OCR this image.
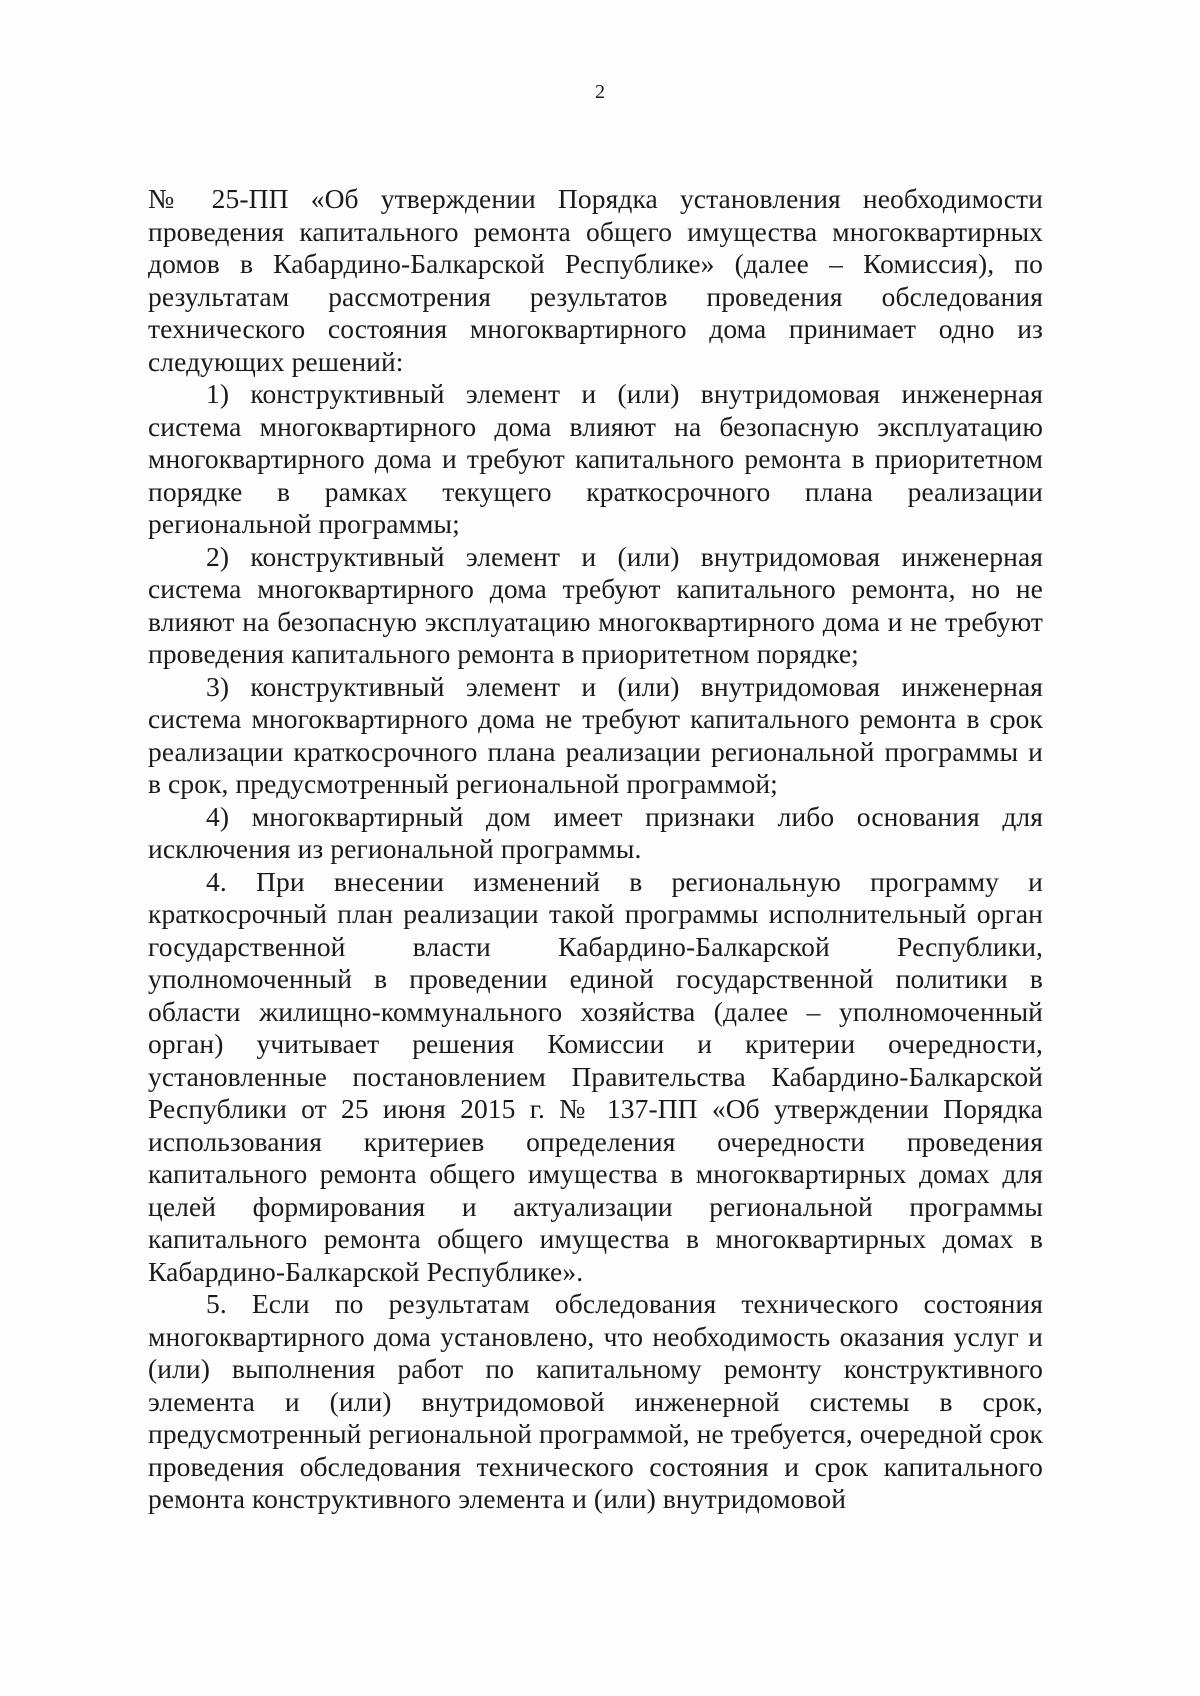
2

№ 25-ПП «Об утверждении Порядка установления необходимости проведения капитального ремонта общего имущества многоквартирных домов в Кабардино-Балкарской Республике» (далее – Комиссия), по результатам рассмотрения результатов проведения обследования технического состояния многоквартирного дома принимает одно из следующих решений:

1) конструктивный элемент и (или) внутридомовая инженерная система многоквартирного дома влияют на безопасную эксплуатацию многоквартирного дома и требуют капитального ремонта в приоритетном порядке в рамках текущего краткосрочного плана реализации региональной программы;

2) конструктивный элемент и (или) внутридомовая инженерная система многоквартирного дома требуют капитального ремонта, но не влияют на безопасную эксплуатацию многоквартирного дома и не требуют проведения капитального ремонта в приоритетном порядке;

3) конструктивный элемент и (или) внутридомовая инженерная система многоквартирного дома не требуют капитального ремонта в срок реализации краткосрочного плана реализации региональной программы и в срок, предусмотренный региональной программой;

4) многоквартирный дом имеет признаки либо основания для исключения из региональной программы.

4. При внесении изменений в региональную программу и краткосрочный план реализации такой программы исполнительный орган государственной власти Кабардино-Балкарской Республики, уполномоченный в проведении единой государственной политики в области жилищно-коммунального хозяйства (далее – уполномоченный орган) учитывает решения Комиссии и критерии очередности, установленные постановлением Правительства Кабардино-Балкарской Республики от 25 июня 2015 г. № 137-ПП «Об утверждении Порядка использования критериев определения очередности проведения капитального ремонта общего имущества в многоквартирных домах для целей формирования и актуализации региональной программы капитального ремонта общего имущества в многоквартирных домах в Кабардино-Балкарской Республике».

5. Если по результатам обследования технического состояния многоквартирного дома установлено, что необходимость оказания услуг и (или) выполнения работ по капитальному ремонту конструктивного элемента и (или) внутридомовой инженерной системы в срок, предусмотренный региональной программой, не требуется, очередной срок проведения обследования технического состояния и срок капитального ремонта конструктивного элемента и (или) внутридомовой
